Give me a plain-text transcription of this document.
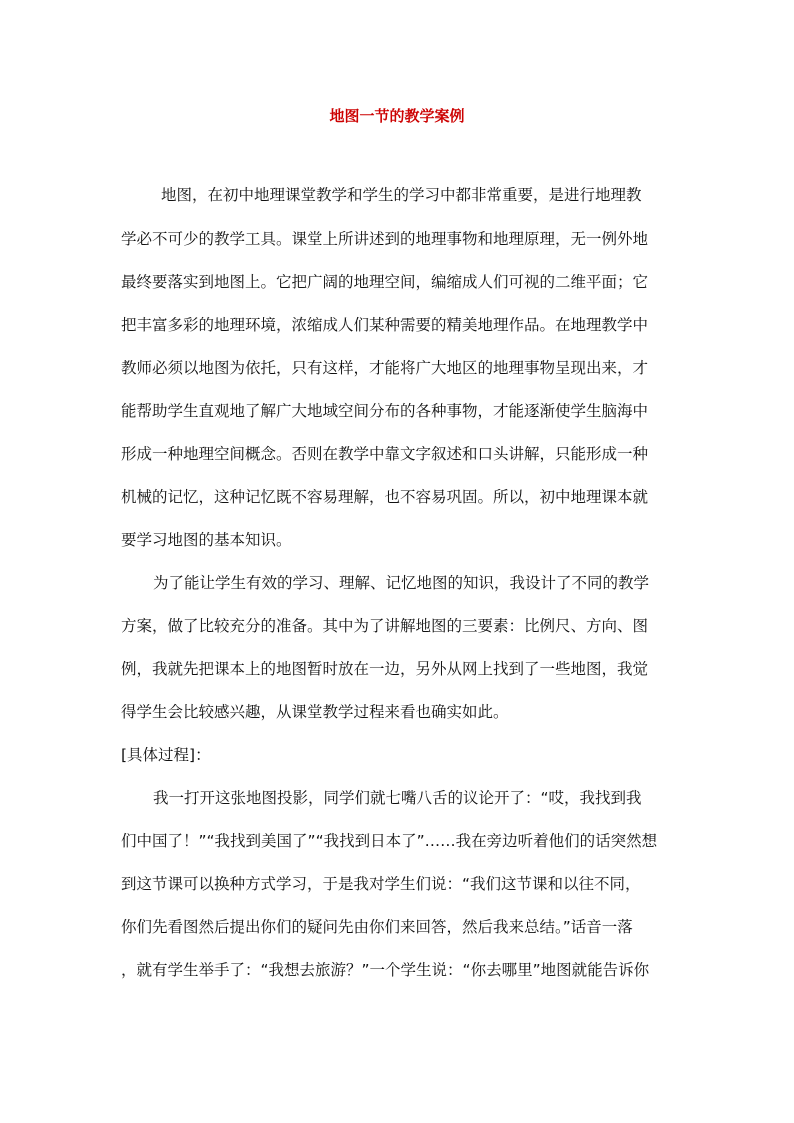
地图一节的教学案例

地图，在初中地理课堂教学和学生的学习中都非常重要，是进行地理教

学必不可少的教学工具。课堂上所讲述到的地理事物和地理原理，无一例外地

最终要落实到地图上。它把广阔的地理空间，编缩成人们可视的二维平面；它

把丰富多彩的地理环境，浓缩成人们某种需要的精美地理作品。在地理教学中

教师必须以地图为依托，只有这样，才能将广大地区的地理事物呈现出来，才

能帮助学生直观地了解广大地域空间分布的各种事物，才能逐渐使学生脑海中

形成一种地理空间概念。否则在教学中靠文字叙述和口头讲解，只能形成一种

机械的记忆，这种记忆既不容易理解，也不容易巩固。所以，初中地理课本就

要学习地图的基本知识。

为了能让学生有效的学习、理解、记忆地图的知识，我设计了不同的教学

方案，做了比较充分的准备。其中为了讲解地图的三要素：比例尺、方向、图

例，我就先把课本上的地图暂时放在一边，另外从网上找到了一些地图，我觉

得学生会比较感兴趣，从课堂教学过程来看也确实如此。

[具体过程]：

我一打开这张地图投影，同学们就七嘴八舌的议论开了：“哎，我找到我

们中国了！”“我找到美国了”“我找到日本了”……我在旁边听着他们的话突然想

到这节课可以换种方式学习，于是我对学生们说：“我们这节课和以往不同，

你们先看图然后提出你们的疑问先由你们来回答，然后我来总结。”话音一落

，就有学生举手了：“我想去旅游？”一个学生说：“你去哪里”地图就能告诉你
